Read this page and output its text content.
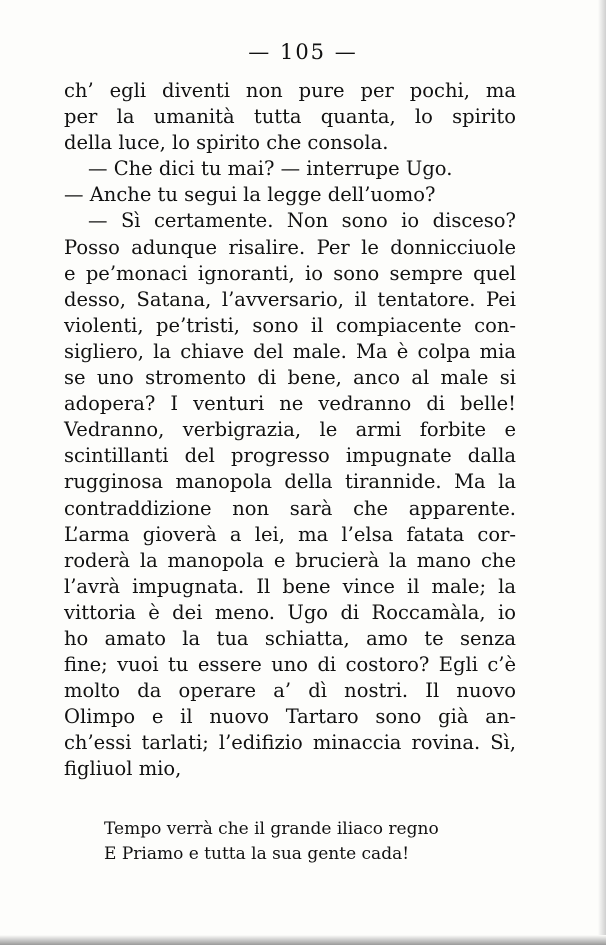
— 105 —
ch’ egli diventi non pure per pochi, ma
per la umanità tutta quanta, lo spirito
della luce, lo spirito che consola.
— Che dici tu mai? — interrupe Ugo.
— Anche tu segui la legge dell’uomo?
— Sì certamente. Non sono io disceso?
Posso adunque risalire. Per le donnicciuole
e pe’monaci ignoranti, io sono sempre quel
desso, Satana, l’avversario, il tentatore. Pei
violenti, pe’tristi, sono il compiacente con-
sigliero, la chiave del male. Ma è colpa mia
se uno stromento di bene, anco al male si
adopera? I venturi ne vedranno di belle!
Vedranno, verbigrazia, le armi forbite e
scintillanti del progresso impugnate dalla
rugginosa manopola della tirannide. Ma la
contraddizione non sarà che apparente.
L’arma gioverà a lei, ma l’elsa fatata cor-
roderà la manopola e brucierà la mano che
l’avrà impugnata. Il bene vince il male; la
vittoria è dei meno. Ugo di Roccamàla, io
ho amato la tua schiatta, amo te senza
fine; vuoi tu essere uno di costoro? Egli c’è
molto da operare a’ dì nostri. Il nuovo
Olimpo e il nuovo Tartaro sono già an-
ch’essi tarlati; l’edifizio minaccia rovina. Sì,
figliuol mio,
Tempo verrà che il grande iliaco regno
E Priamo e tutta la sua gente cada!
